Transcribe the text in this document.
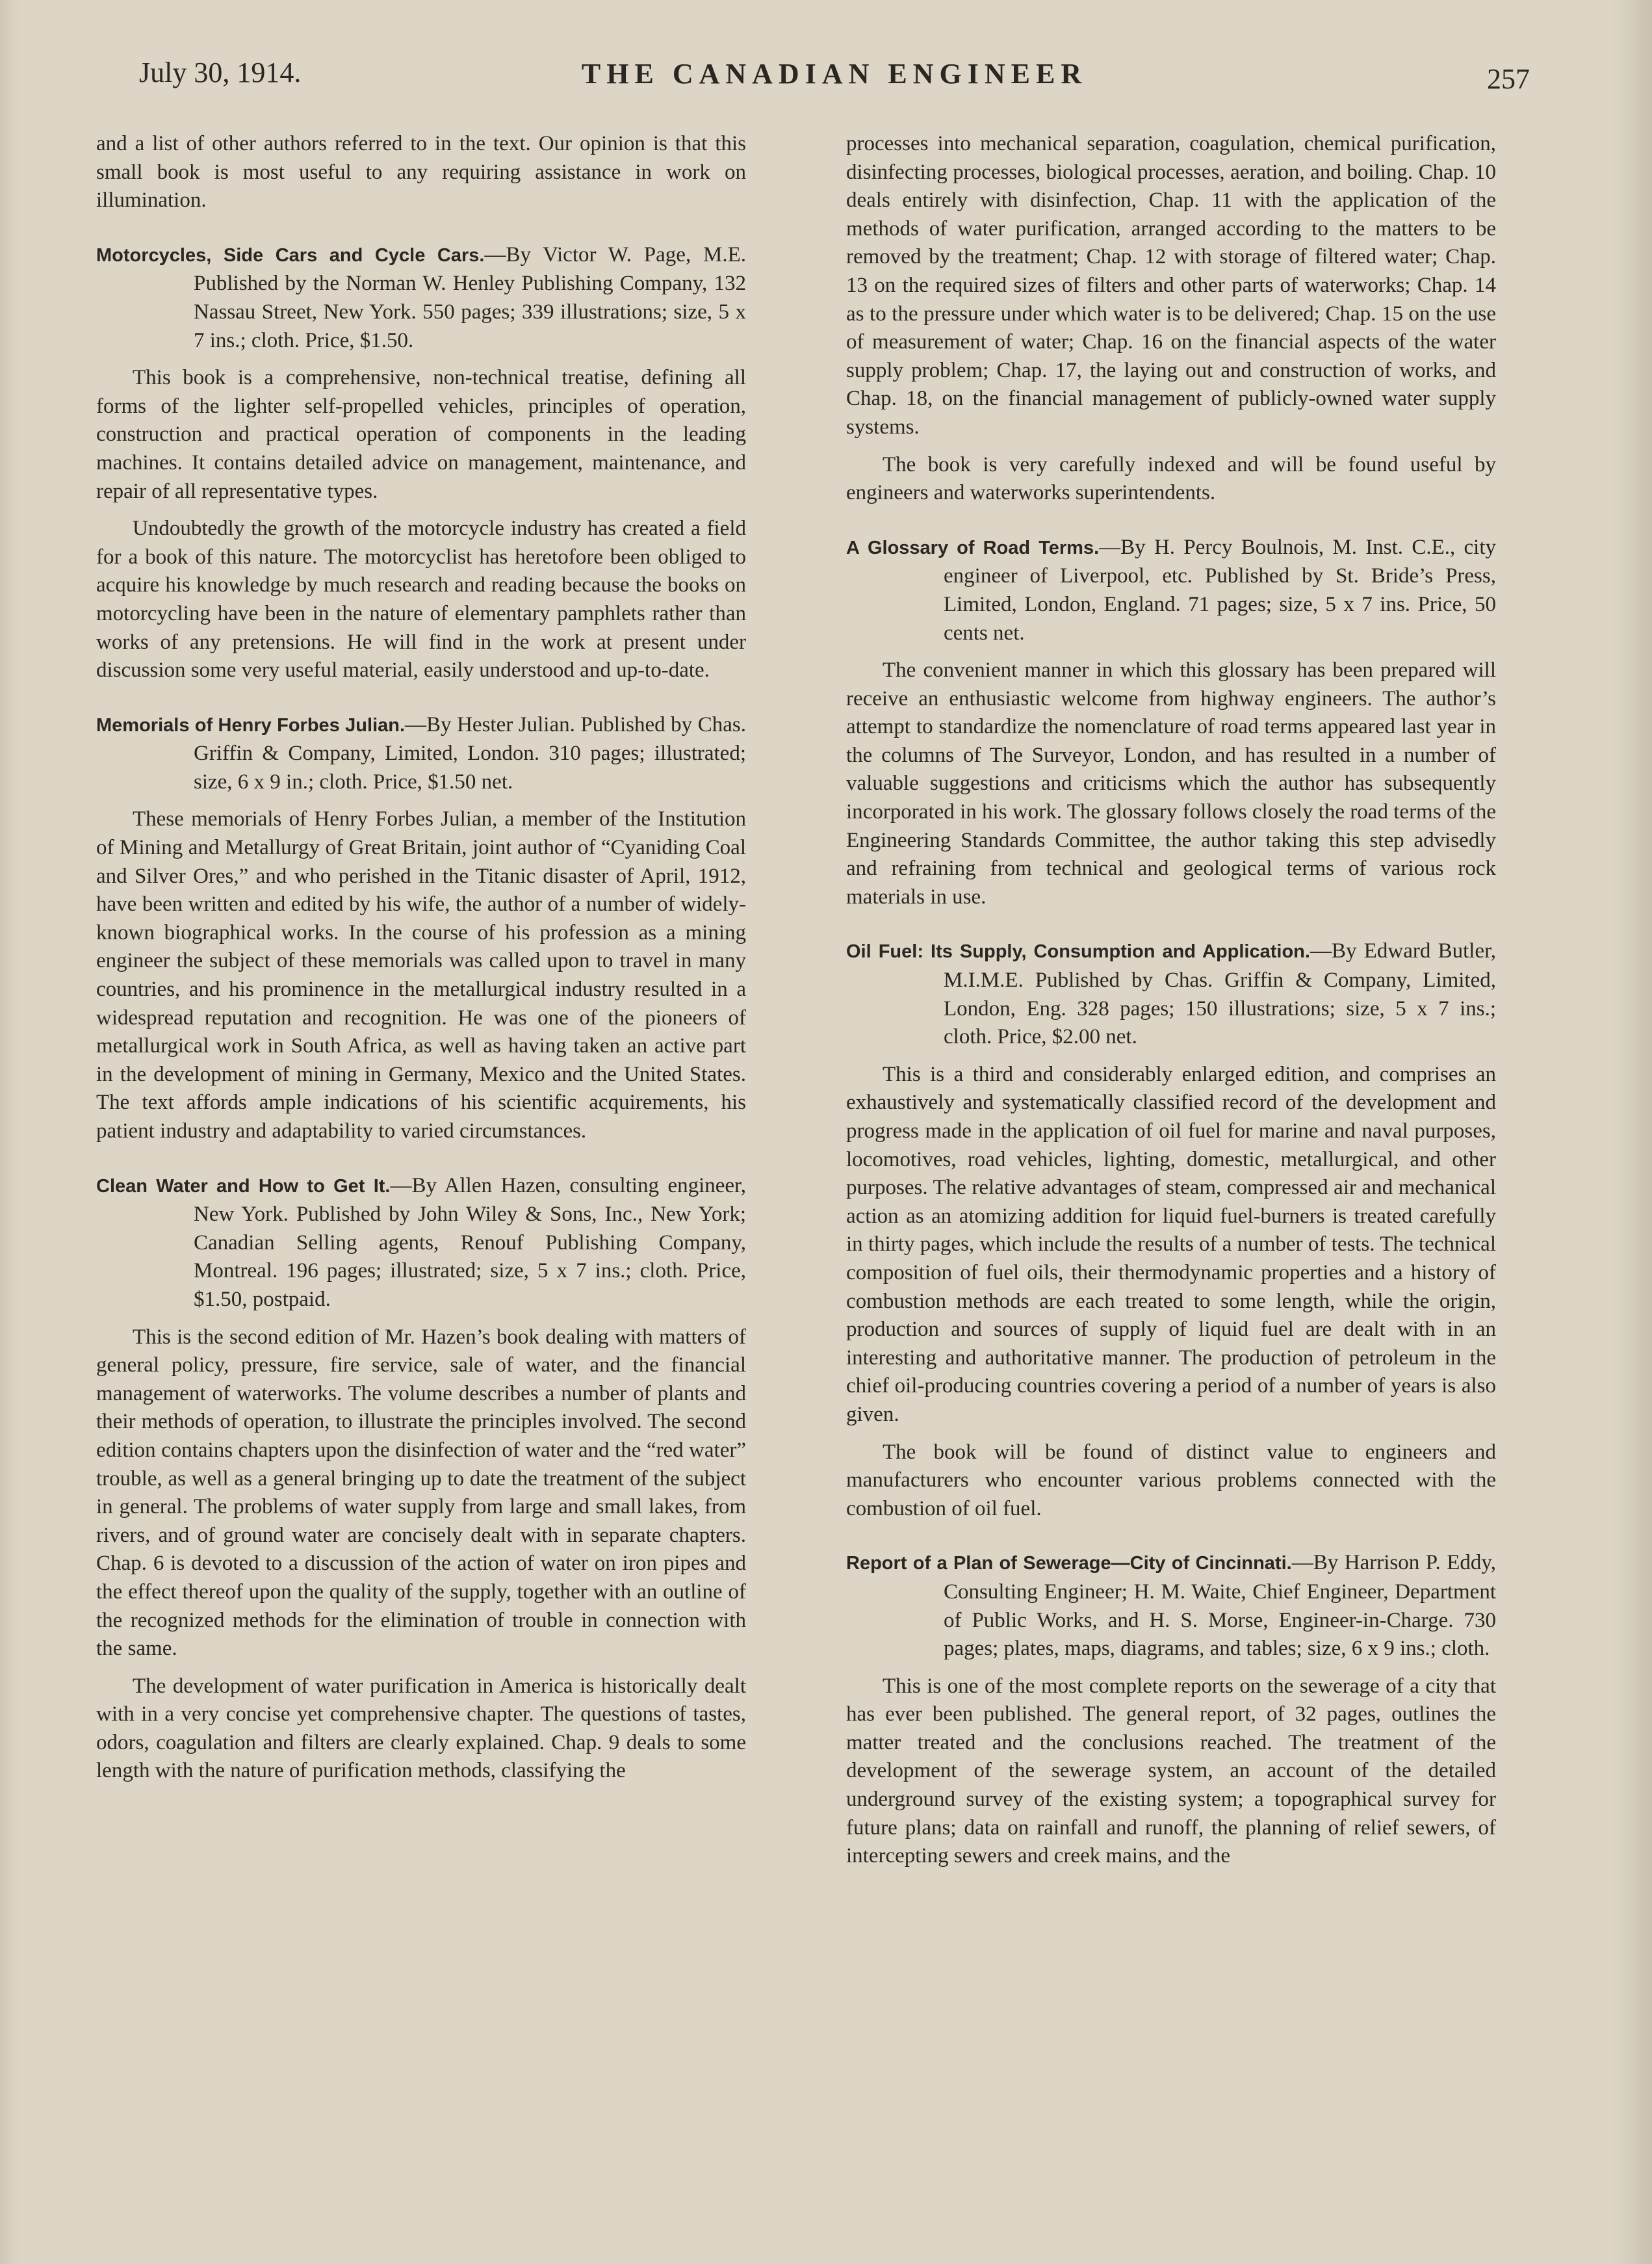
July 30, 1914.	THE CANADIAN ENGINEER	257

and a list of other authors referred to in the text. Our opinion is that this small book is most useful to any requiring assistance in work on illumination.

Motorcycles, Side Cars and Cycle Cars.—By Victor W. Page, M.E. Published by the Norman W. Henley Publishing Company, 132 Nassau Street, New York. 550 pages; 339 illustrations; size, 5 x 7 ins.; cloth. Price, $1.50.

This book is a comprehensive, non-technical treatise, defining all forms of the lighter self-propelled vehicles, principles of operation, construction and practical operation of components in the leading machines. It contains detailed advice on management, maintenance, and repair of all representative types.

Undoubtedly the growth of the motorcycle industry has created a field for a book of this nature. The motorcyclist has heretofore been obliged to acquire his knowledge by much research and reading because the books on motorcycling have been in the nature of elementary pamphlets rather than works of any pretensions. He will find in the work at present under discussion some very useful material, easily understood and up-to-date.

Memorials of Henry Forbes Julian.—By Hester Julian. Published by Chas. Griffin & Company, Limited, London. 310 pages; illustrated; size, 6 x 9 in.; cloth. Price, $1.50 net.

These memorials of Henry Forbes Julian, a member of the Institution of Mining and Metallurgy of Great Britain, joint author of “Cyaniding Coal and Silver Ores,” and who perished in the Titanic disaster of April, 1912, have been written and edited by his wife, the author of a number of widely-known biographical works. In the course of his profession as a mining engineer the subject of these memorials was called upon to travel in many countries, and his prominence in the metallurgical industry resulted in a widespread reputation and recognition. He was one of the pioneers of metallurgical work in South Africa, as well as having taken an active part in the development of mining in Germany, Mexico and the United States. The text affords ample indications of his scientific acquirements, his patient industry and adaptability to varied circumstances.

Clean Water and How to Get It.—By Allen Hazen, consulting engineer, New York. Published by John Wiley & Sons, Inc., New York; Canadian Selling agents, Renouf Publishing Company, Montreal. 196 pages; illustrated; size, 5 x 7 ins.; cloth. Price, $1.50, postpaid.

This is the second edition of Mr. Hazen’s book dealing with matters of general policy, pressure, fire service, sale of water, and the financial management of waterworks. The volume describes a number of plants and their methods of operation, to illustrate the principles involved. The second edition contains chapters upon the disinfection of water and the “red water” trouble, as well as a general bringing up to date the treatment of the subject in general. The problems of water supply from large and small lakes, from rivers, and of ground water are concisely dealt with in separate chapters. Chap. 6 is devoted to a discussion of the action of water on iron pipes and the effect thereof upon the quality of the supply, together with an outline of the recognized methods for the elimination of trouble in connection with the same.

The development of water purification in America is historically dealt with in a very concise yet comprehensive chapter. The questions of tastes, odors, coagulation and filters are clearly explained. Chap. 9 deals to some length with the nature of purification methods, classifying the

processes into mechanical separation, coagulation, chemical purification, disinfecting processes, biological processes, aeration, and boiling. Chap. 10 deals entirely with disinfection, Chap. 11 with the application of the methods of water purification, arranged according to the matters to be removed by the treatment; Chap. 12 with storage of filtered water; Chap. 13 on the required sizes of filters and other parts of waterworks; Chap. 14 as to the pressure under which water is to be delivered; Chap. 15 on the use of measurement of water; Chap. 16 on the financial aspects of the water supply problem; Chap. 17, the laying out and construction of works, and Chap. 18, on the financial management of publicly-owned water supply systems.

The book is very carefully indexed and will be found useful by engineers and waterworks superintendents.

A Glossary of Road Terms.—By H. Percy Boulnois, M. Inst. C.E., city engineer of Liverpool, etc. Published by St. Bride’s Press, Limited, London, England. 71 pages; size, 5 x 7 ins. Price, 50 cents net.

The convenient manner in which this glossary has been prepared will receive an enthusiastic welcome from highway engineers. The author’s attempt to standardize the nomenclature of road terms appeared last year in the columns of The Surveyor, London, and has resulted in a number of valuable suggestions and criticisms which the author has subsequently incorporated in his work. The glossary follows closely the road terms of the Engineering Standards Committee, the author taking this step advisedly and refraining from technical and geological terms of various rock materials in use.

Oil Fuel: Its Supply, Consumption and Application.—By Edward Butler, M.I.M.E. Published by Chas. Griffin & Company, Limited, London, Eng. 328 pages; 150 illustrations; size, 5 x 7 ins.; cloth. Price, $2.00 net.

This is a third and considerably enlarged edition, and comprises an exhaustively and systematically classified record of the development and progress made in the application of oil fuel for marine and naval purposes, locomotives, road vehicles, lighting, domestic, metallurgical, and other purposes. The relative advantages of steam, compressed air and mechanical action as an atomizing addition for liquid fuel-burners is treated carefully in thirty pages, which include the results of a number of tests. The technical composition of fuel oils, their thermodynamic properties and a history of combustion methods are each treated to some length, while the origin, production and sources of supply of liquid fuel are dealt with in an interesting and authoritative manner. The production of petroleum in the chief oil-producing countries covering a period of a number of years is also given.

The book will be found of distinct value to engineers and manufacturers who encounter various problems connected with the combustion of oil fuel.

Report of a Plan of Sewerage—City of Cincinnati.—By Harrison P. Eddy, Consulting Engineer; H. M. Waite, Chief Engineer, Department of Public Works, and H. S. Morse, Engineer-in-Charge. 730 pages; plates, maps, diagrams, and tables; size, 6 x 9 ins.; cloth.

This is one of the most complete reports on the sewerage of a city that has ever been published. The general report, of 32 pages, outlines the matter treated and the conclusions reached. The treatment of the development of the sewerage system, an account of the detailed underground survey of the existing system; a topographical survey for future plans; data on rainfall and runoff, the planning of relief sewers, of intercepting sewers and creek mains, and the
